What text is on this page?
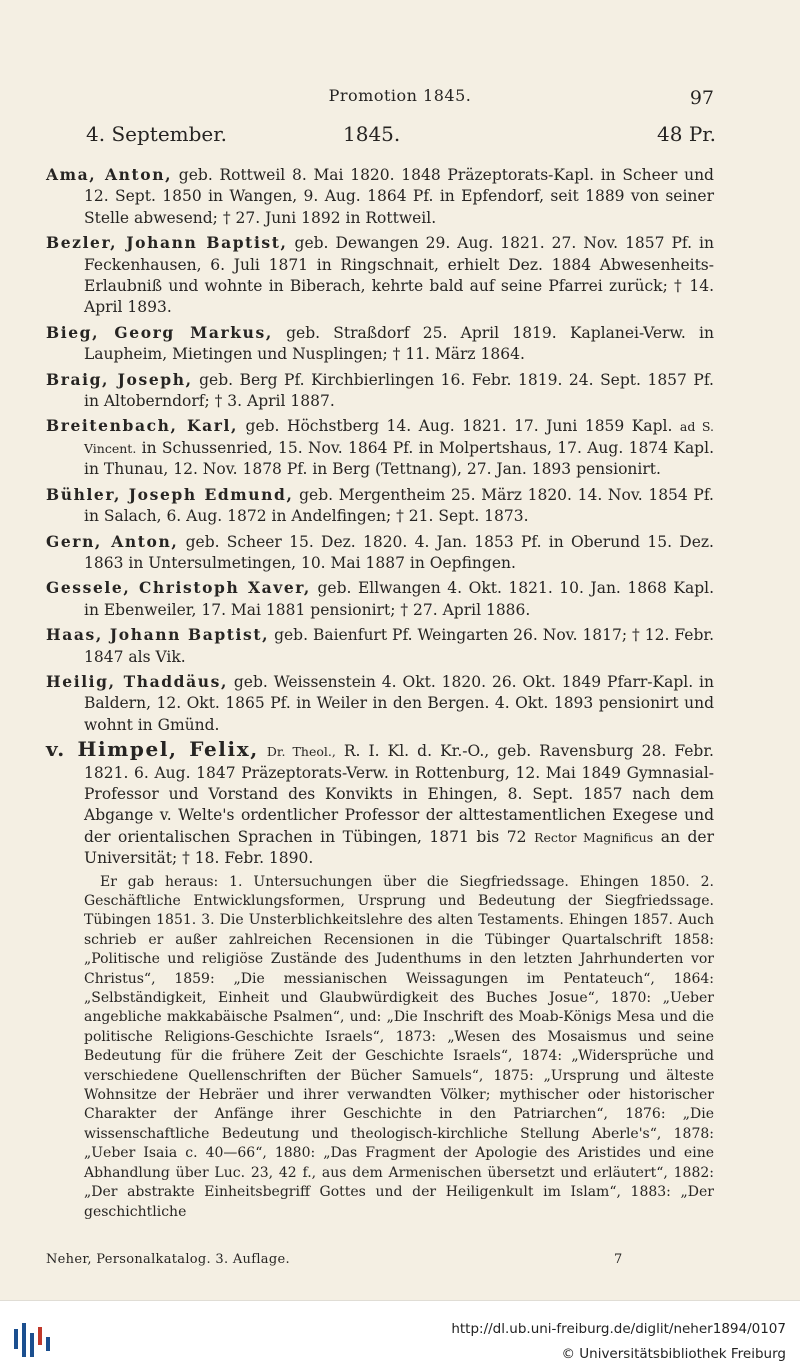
Promotion 1845.	97
4. September.	1845.	48 Pr.

Ama, Anton, geb. Rottweil 8. Mai 1820. 1848 Präzeptorats-Kapl. in Scheer und 12. Sept. 1850 in Wangen, 9. Aug. 1864 Pf. in Epfendorf, seit 1889 von seiner Stelle abwesend; † 27. Juni 1892 in Rottweil.

Bezler, Johann Baptist, geb. Dewangen 29. Aug. 1821. 27. Nov. 1857 Pf. in Feckenhausen, 6. Juli 1871 in Ringschnait, erhielt Dez. 1884 Abwesenheits-Erlaubniß und wohnte in Biberach, kehrte bald auf seine Pfarrei zurück; † 14. April 1893.

Bieg, Georg Markus, geb. Straßdorf 25. April 1819. Kaplanei-Verw. in Laupheim, Mietingen und Nusplingen; † 11. März 1864.

Braig, Joseph, geb. Berg Pf. Kirchbierlingen 16. Febr. 1819. 24. Sept. 1857 Pf. in Altoberndorf; † 3. April 1887.

Breitenbach, Karl, geb. Höchstberg 14. Aug. 1821. 17. Juni 1859 Kapl. ad S. Vincent. in Schussenried, 15. Nov. 1864 Pf. in Molpertshaus, 17. Aug. 1874 Kapl. in Thunau, 12. Nov. 1878 Pf. in Berg (Tettnang), 27. Jan. 1893 pensionirt.

Bühler, Joseph Edmund, geb. Mergentheim 25. März 1820. 14. Nov. 1854 Pf. in Salach, 6. Aug. 1872 in Andelfingen; † 21. Sept. 1873.

Gern, Anton, geb. Scheer 15. Dez. 1820. 4. Jan. 1853 Pf. in Oberund 15. Dez. 1863 in Untersulmetingen, 10. Mai 1887 in Oepfingen.

Gessele, Christoph Xaver, geb. Ellwangen 4. Okt. 1821. 10. Jan. 1868 Kapl. in Ebenweiler, 17. Mai 1881 pensionirt; † 27. April 1886.

Haas, Johann Baptist, geb. Baienfurt Pf. Weingarten 26. Nov. 1817; † 12. Febr. 1847 als Vik.

Heilig, Thaddäus, geb. Weissenstein 4. Okt. 1820. 26. Okt. 1849 Pfarr-Kapl. in Baldern, 12. Okt. 1865 Pf. in Weiler in den Bergen. 4. Okt. 1893 pensionirt und wohnt in Gmünd.

v. Himpel, Felix, Dr. Theol., R. I. Kl. d. Kr.-O., geb. Ravensburg 28. Febr. 1821. 6. Aug. 1847 Präzeptorats-Verw. in Rottenburg, 12. Mai 1849 Gymnasial-Professor und Vorstand des Konvikts in Ehingen, 8. Sept. 1857 nach dem Abgange v. Welte's ordentlicher Professor der alttestamentlichen Exegese und der orientalischen Sprachen in Tübingen, 1871 bis 72 Rector Magnificus an der Universität; † 18. Febr. 1890.

Er gab heraus: 1. Untersuchungen über die Siegfriedssage. Ehingen 1850. 2. Geschäftliche Entwicklungsformen, Ursprung und Bedeutung der Siegfriedssage. Tübingen 1851. 3. Die Unsterblichkeitslehre des alten Testaments. Ehingen 1857. Auch schrieb er außer zahlreichen Recensionen in die Tübinger Quartalschrift 1858: „Politische und religiöse Zustände des Judenthums in den letzten Jahrhunderten vor Christus“, 1859: „Die messianischen Weissagungen im Pentateuch“, 1864: „Selbständigkeit, Einheit und Glaubwürdigkeit des Buches Josue“, 1870: „Ueber angebliche makkabäische Psalmen“, und: „Die Inschrift des Moab-Königs Mesa und die politische Religions-Geschichte Israels“, 1873: „Wesen des Mosaismus und seine Bedeutung für die frühere Zeit der Geschichte Israels“, 1874: „Widersprüche und verschiedene Quellenschriften der Bücher Samuels“, 1875: „Ursprung und älteste Wohnsitze der Hebräer und ihrer verwandten Völker; mythischer oder historischer Charakter der Anfänge ihrer Geschichte in den Patriarchen“, 1876: „Die wissenschaftliche Bedeutung und theologisch-kirchliche Stellung Aberle's“, 1878: „Ueber Isaia c. 40—66“, 1880: „Das Fragment der Apologie des Aristides und eine Abhandlung über Luc. 23, 42 f., aus dem Armenischen übersetzt und erläutert“, 1882: „Der abstrakte Einheitsbegriff Gottes und der Heiligenkult im Islam“, 1883: „Der geschichtliche

Neher, Personalkatalog. 3. Auflage.	7
http://dl.ub.uni-freiburg.de/diglit/neher1894/0107
© Universitätsbibliothek Freiburg
